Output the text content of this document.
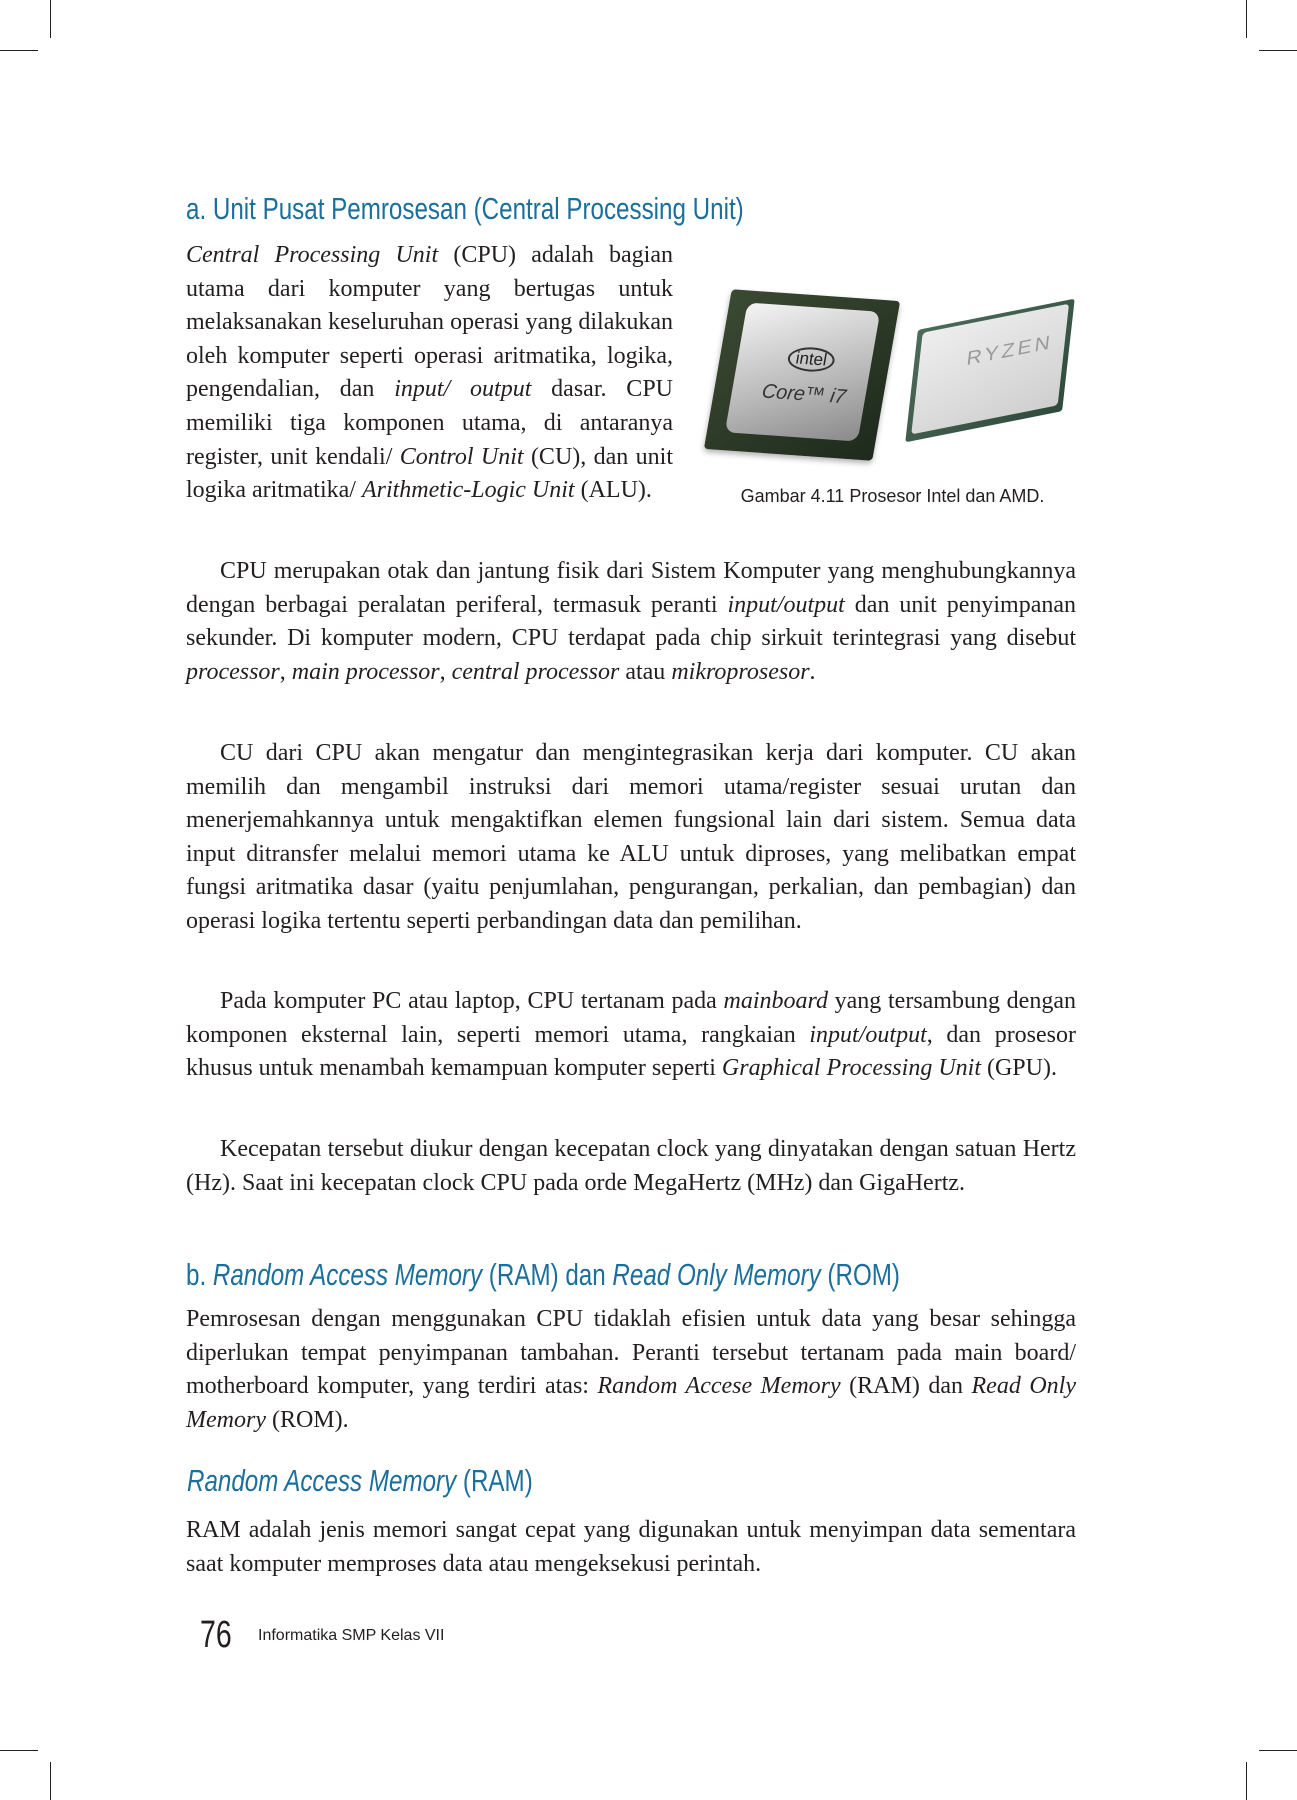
a. Unit Pusat Pemrosesan (Central Processing Unit)
Central Processing Unit (CPU) adalah bagian utama dari komputer yang bertugas untuk melaksanakan keseluruhan operasi yang dilakukan oleh komputer seperti operasi aritmatika, logika, pengendalian, dan input/ output dasar. CPU memiliki tiga komponen utama, di antaranya register, unit kendali/ Control Unit (CU), dan unit logika aritmatika/ Arithmetic-Logic Unit (ALU).
intel
Core™ i7
RYZEN
Gambar 4.11 Prosesor Intel dan AMD.
CPU merupakan otak dan jantung fisik dari Sistem Komputer yang menghubungkannya dengan berbagai peralatan periferal, termasuk peranti input/output dan unit penyimpanan sekunder. Di komputer modern, CPU terdapat pada chip sirkuit terintegrasi yang disebut processor, main processor, central processor atau mikroprosesor.
CU dari CPU akan mengatur dan mengintegrasikan kerja dari komputer. CU akan memilih dan mengambil instruksi dari memori utama/register sesuai urutan dan menerjemahkannya untuk mengaktifkan elemen fungsional lain dari sistem. Semua data input ditransfer melalui memori utama ke ALU untuk diproses, yang melibatkan empat fungsi aritmatika dasar (yaitu penjumlahan, pengurangan, perkalian, dan pembagian) dan operasi logika tertentu seperti perbandingan data dan pemilihan.
Pada komputer PC atau laptop, CPU tertanam pada mainboard yang tersambung dengan komponen eksternal lain, seperti memori utama, rangkaian input/output, dan prosesor khusus untuk menambah kemampuan komputer seperti Graphical Processing Unit (GPU).
Kecepatan tersebut diukur dengan kecepatan clock yang dinyatakan dengan satuan Hertz (Hz). Saat ini kecepatan clock CPU pada orde MegaHertz (MHz) dan GigaHertz.
b. Random Access Memory (RAM) dan Read Only Memory (ROM)
Pemrosesan dengan menggunakan CPU tidaklah efisien untuk data yang besar sehingga diperlukan tempat penyimpanan tambahan. Peranti tersebut tertanam pada main board/ motherboard komputer, yang terdiri atas: Random Accese Memory (RAM) dan Read Only Memory (ROM).
Random Access Memory (RAM)
RAM adalah jenis memori sangat cepat yang digunakan untuk menyimpan data sementara saat komputer memproses data atau mengeksekusi perintah.
76 Informatika SMP Kelas VII
